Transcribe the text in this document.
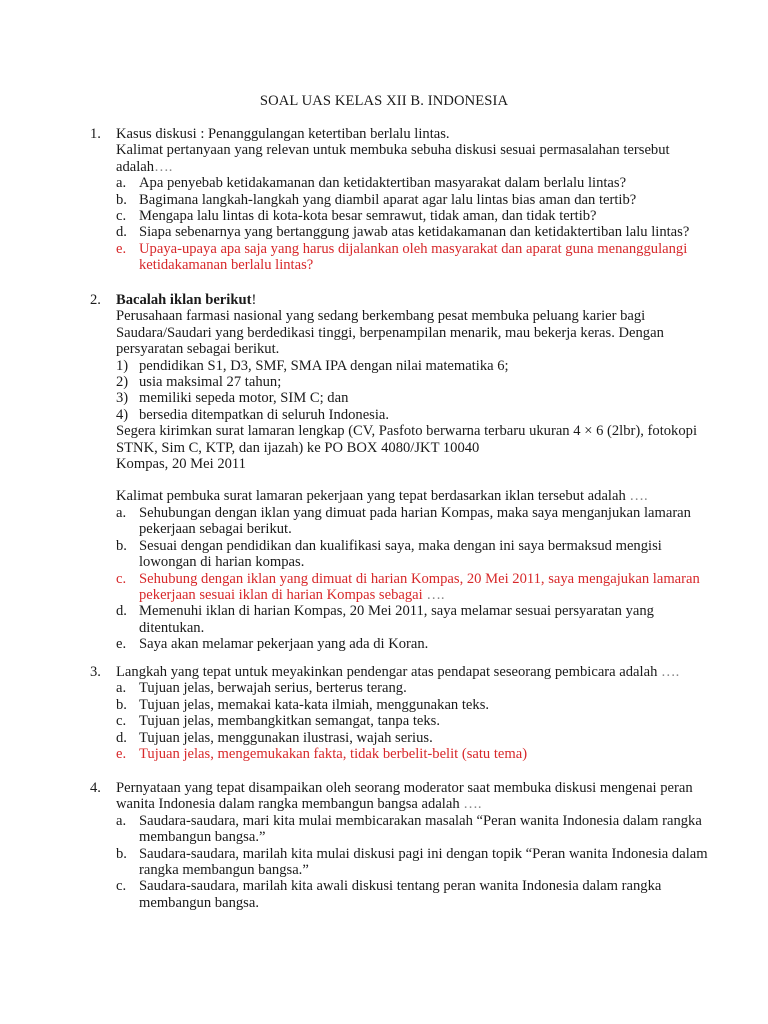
SOAL UAS KELAS XII B. INDONESIA
1. Kasus diskusi : Penanggulangan ketertiban berlalu lintas.
Kalimat pertanyaan yang relevan untuk membuka sebuha diskusi sesuai permasalahan tersebut
adalah….
a. Apa penyebab ketidakamanan dan ketidaktertiban masyarakat dalam berlalu lintas?
b. Bagimana langkah-langkah yang diambil aparat agar lalu lintas bias aman dan tertib?
c. Mengapa lalu lintas di kota-kota besar semrawut, tidak aman, dan tidak tertib?
d. Siapa sebenarnya yang bertanggung jawab atas ketidakamanan dan ketidaktertiban lalu lintas?
e. Upaya-upaya apa saja yang harus dijalankan oleh masyarakat dan aparat guna menanggulangi
ketidakamanan berlalu lintas?
2. Bacalah iklan berikut!
Perusahaan farmasi nasional yang sedang berkembang pesat membuka peluang karier bagi
Saudara/Saudari yang berdedikasi tinggi, berpenampilan menarik, mau bekerja keras. Dengan
persyaratan sebagai berikut.
1) pendidikan S1, D3, SMF, SMA IPA dengan nilai matematika 6;
2) usia maksimal 27 tahun;
3) memiliki sepeda motor, SIM C; dan
4) bersedia ditempatkan di seluruh Indonesia.
Segera kirimkan surat lamaran lengkap (CV, Pasfoto berwarna terbaru ukuran 4 × 6 (2lbr), fotokopi
STNK, Sim C, KTP, dan ijazah) ke PO BOX 4080/JKT 10040
Kompas, 20 Mei 2011
Kalimat pembuka surat lamaran pekerjaan yang tepat berdasarkan iklan tersebut adalah ….
a. Sehubungan dengan iklan yang dimuat pada harian Kompas, maka saya menganjukan lamaran
pekerjaan sebagai berikut.
b. Sesuai dengan pendidikan dan kualifikasi saya, maka dengan ini saya bermaksud mengisi
lowongan di harian kompas.
c. Sehubung dengan iklan yang dimuat di harian Kompas, 20 Mei 2011, saya mengajukan lamaran
pekerjaan sesuai iklan di harian Kompas sebagai ….
d. Memenuhi iklan di harian Kompas, 20 Mei 2011, saya melamar sesuai persyaratan yang
ditentukan.
e. Saya akan melamar pekerjaan yang ada di Koran.
3. Langkah yang tepat untuk meyakinkan pendengar atas pendapat seseorang pembicara adalah ….
a. Tujuan jelas, berwajah serius, berterus terang.
b. Tujuan jelas, memakai kata-kata ilmiah, menggunakan teks.
c. Tujuan jelas, membangkitkan semangat, tanpa teks.
d. Tujuan jelas, menggunakan ilustrasi, wajah serius.
e. Tujuan jelas, mengemukakan fakta, tidak berbelit-belit (satu tema)
4. Pernyataan yang tepat disampaikan oleh seorang moderator saat membuka diskusi mengenai peran
wanita Indonesia dalam rangka membangun bangsa adalah ….
a. Saudara-saudara, mari kita mulai membicarakan masalah “Peran wanita Indonesia dalam rangka
membangun bangsa.”
b. Saudara-saudara, marilah kita mulai diskusi pagi ini dengan topik “Peran wanita Indonesia dalam
rangka membangun bangsa.”
c. Saudara-saudara, marilah kita awali diskusi tentang peran wanita Indonesia dalam rangka
membangun bangsa.
